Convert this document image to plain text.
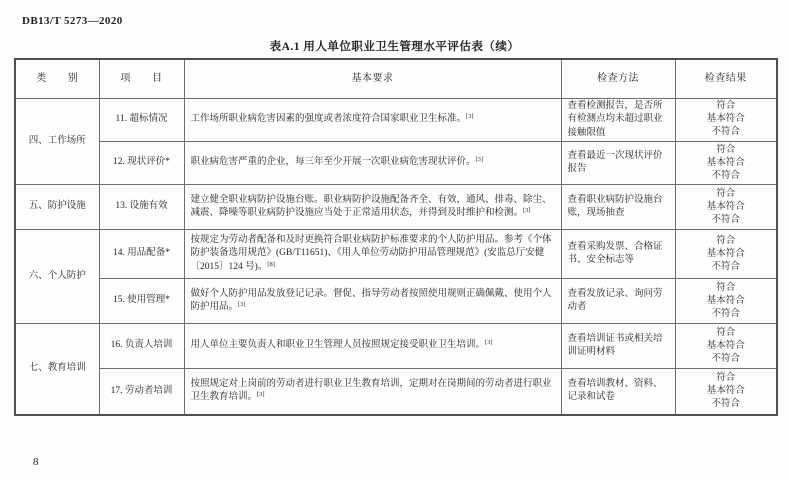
DB13/T 5273—2020
表A.1 用人单位职业卫生管理水平评估表（续）
类　　别	项　　目	基本要求	检查方法	检查结果
四、工作场所	11. 超标情况	工作场所职业病危害因素的强度或者浓度符合国家职业卫生标准。[3]	查看检测报告，是否所有检测点均未超过职业接触限值	符合
基本符合
不符合

	12. 现状评价*	职业病危害严重的企业，每三年至少开展一次职业病危害现状评价。[3]	查看最近一次现状评价报告	符合
基本符合
不符合

五、防护设施	13. 设施有效	建立健全职业病防护设施台账。职业病防护设施配备齐全、有效，通风、排毒、除尘、减震、降噪等职业病防护设施应当处于正常适用状态，并得到及时维护和检测。[3]	查看职业病防护设施台账，现场抽查	符合
基本符合
不符合

六、个人防护	14. 用品配备*	按规定为劳动者配备和及时更换符合职业病防护标准要求的个人防护用品。参考《个体防护装备选用规范》(GB/T11651)、《用人单位劳动防护用品管理规范》(安监总厅安健〔2015〕124 号)。[8]	查看采购发票、合格证书、安全标志等	符合
基本符合
不符合

	15. 使用管理*	做好个人防护用品发放登记记录。督促、指导劳动者按照使用规则正确佩戴、使用个人防护用品。[3]	查看发放记录、询问劳动者	符合
基本符合
不符合

七、教育培训	16. 负责人培训	用人单位主要负责人和职业卫生管理人员按照规定接受职业卫生培训。[3]	查看培训证书或相关培训证明材料	符合
基本符合
不符合

	17. 劳动者培训	按照规定对上岗前的劳动者进行职业卫生教育培训，定期对在岗期间的劳动者进行职业卫生教育培训。[3]	查看培训教材、资料、记录和试卷	符合
基本符合
不符合
8
